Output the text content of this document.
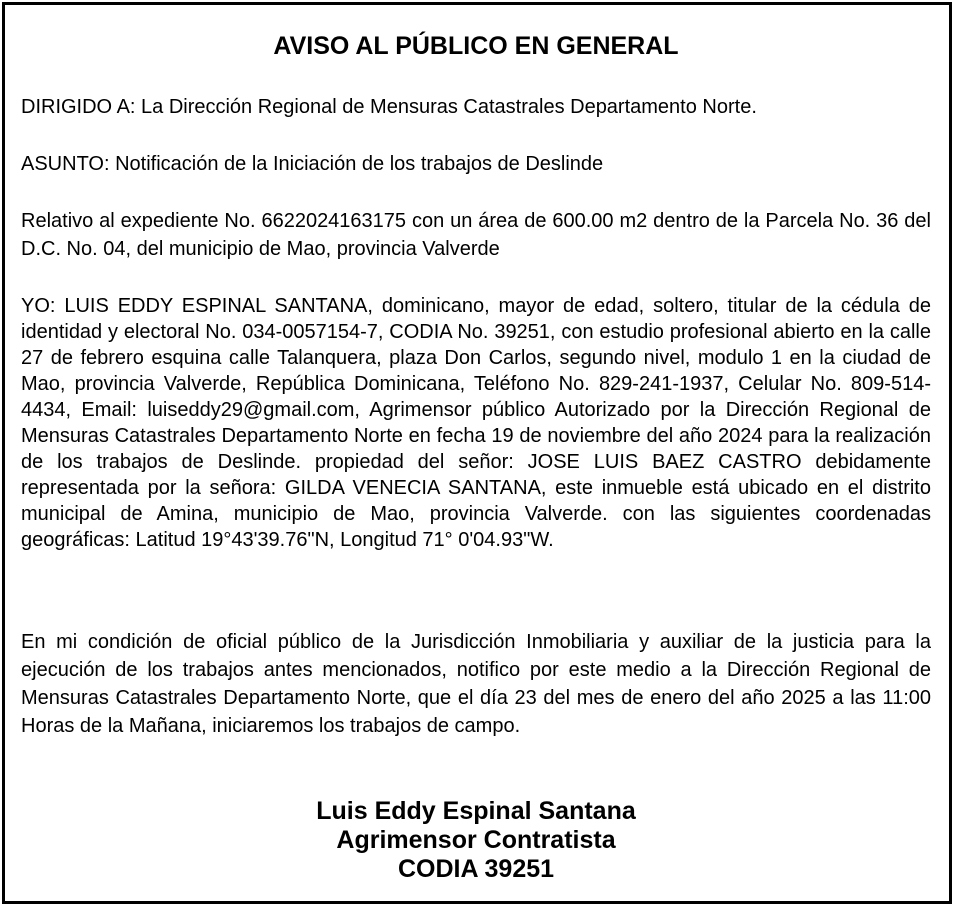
AVISO AL PÚBLICO EN GENERAL

DIRIGIDO A: La Dirección Regional de Mensuras Catastrales Departamento Norte.

ASUNTO: Notificación de la Iniciación de los trabajos de Deslinde

Relativo al expediente No. 6622024163175 con un área de 600.00 m2 dentro de la Parcela No. 36 del D.C. No. 04, del municipio de Mao, provincia Valverde

YO: LUIS EDDY ESPINAL SANTANA, dominicano, mayor de edad, soltero, titular de la cédula de identidad y electoral No. 034-0057154-7, CODIA No. 39251, con estudio profesional abierto en la calle 27 de febrero esquina calle Talanquera, plaza Don Carlos, segundo nivel, modulo 1 en la ciudad de Mao, provincia Valverde, República Dominicana, Teléfono No. 829-241-1937, Celular No. 809-514-4434, Email: luiseddy29@gmail.com, Agrimensor público Autorizado por la Dirección Regional de Mensuras Catastrales Departamento Norte en fecha 19 de noviembre del año 2024 para la realización de los trabajos de Deslinde. propiedad del señor: JOSE LUIS BAEZ CASTRO debidamente representada por la señora: GILDA VENECIA SANTANA, este inmueble está ubicado en el distrito municipal de Amina, municipio de Mao, provincia Valverde. con las siguientes coordenadas geográficas: Latitud 19°43'39.76"N, Longitud 71° 0'04.93"W.

En mi condición de oficial público de la Jurisdicción Inmobiliaria y auxiliar de la justicia para la ejecución de los trabajos antes mencionados, notifico por este medio a la Dirección Regional de Mensuras Catastrales Departamento Norte, que el día 23 del mes de enero del año 2025 a las 11:00 Horas de la Mañana, iniciaremos los trabajos de campo.

Luis Eddy Espinal Santana
Agrimensor Contratista
CODIA 39251
